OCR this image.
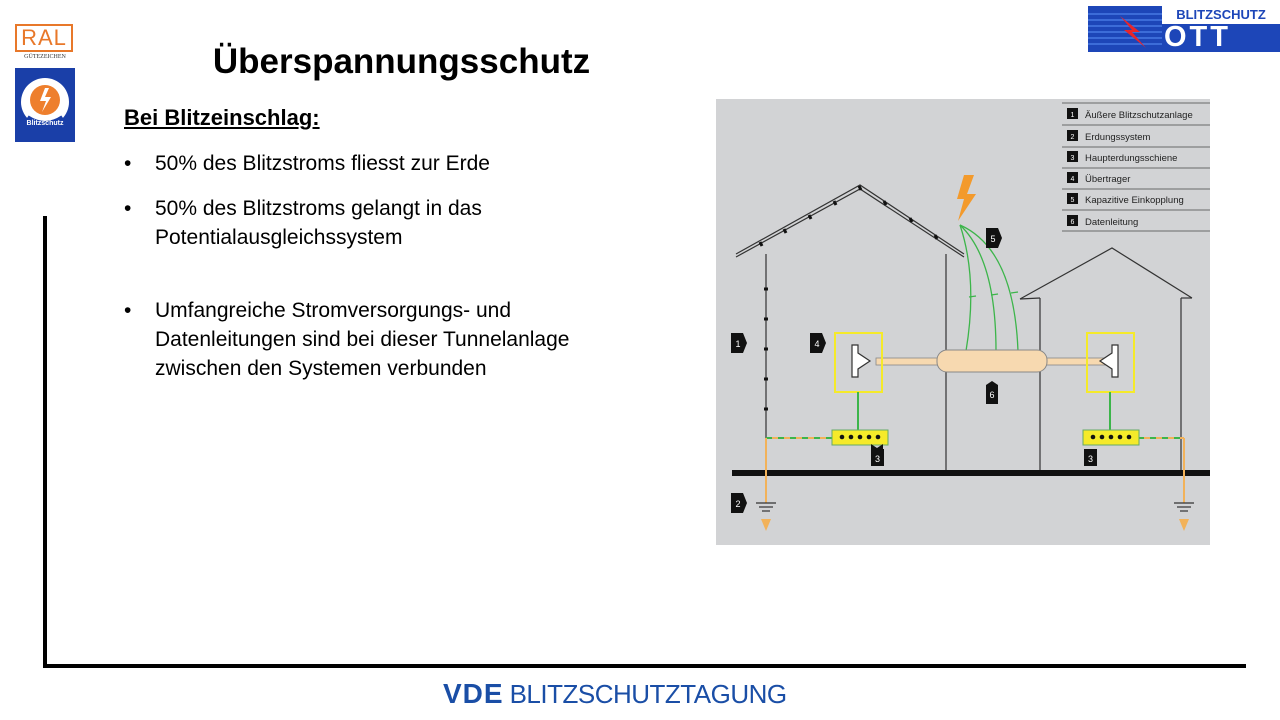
RAL
GÜTEZEICHEN
Blitzschutz
BLITZSCHUTZ
OTT
Überspannungsschutz
Bei Blitzeinschlag:
•	50% des Blitzstroms fliesst zur Erde
•	50% des Blitzstroms gelangt in das
Potentialausgleichssystem
•	Umfangreiche Stromversorgungs- und
Datenleitungen sind bei dieser Tunnelanlage
zwischen den Systemen verbunden
1 Äußere Blitzschutzanlage
2 Erdungssystem
3 Haupterdungsschiene
4 Übertrager
5 Kapazitive Einkopplung
6 Datenleitung
1
2
3	3
4
5
6
VDE BLITZSCHUTZTAGUNG
